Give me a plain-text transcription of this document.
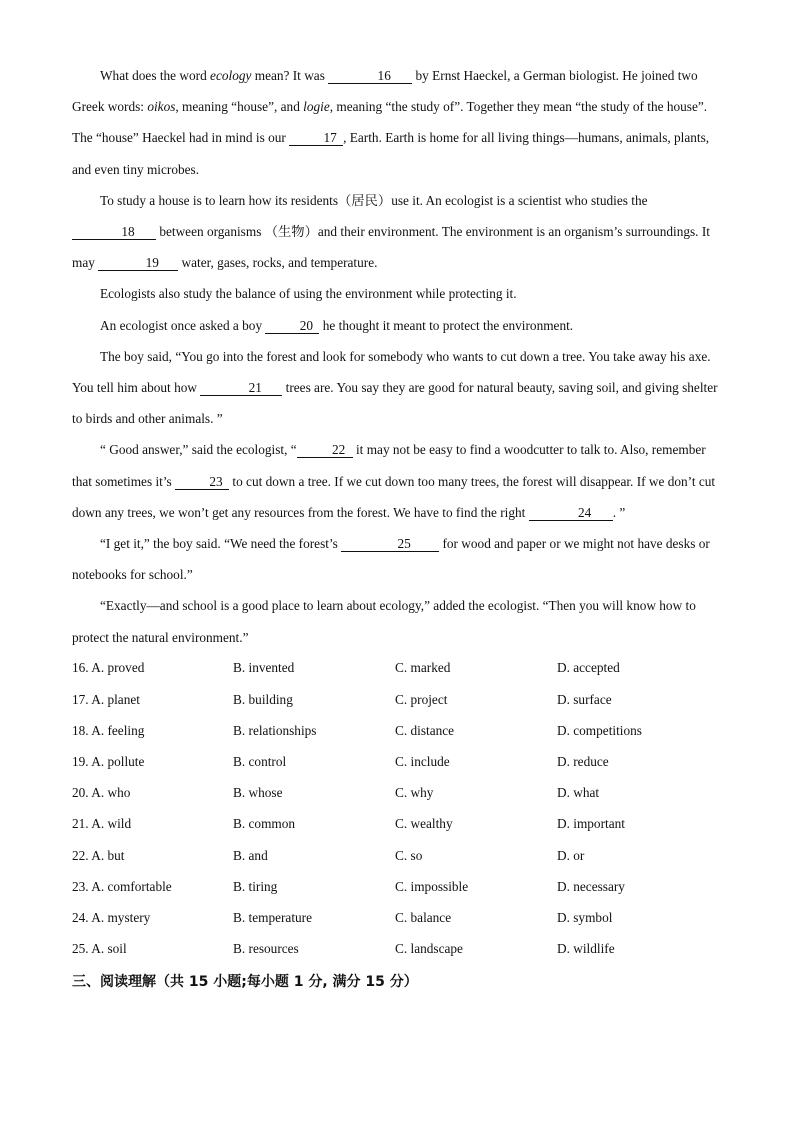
What does the word ecology mean? It was	16 by Ernst Haeckel, a German biologist. He joined two Greek words: oikos, meaning “house”, and logie, meaning “the study of”. Together they mean “the study of the house”. The “house” Haeckel had in mind is our	17 , Earth. Earth is home for all living things—humans, animals, plants, and even tiny microbes.

To study a house is to learn how its residents（居民）use it. An ecologist is a scientist who studies the 18 between organisms （生物）and their environment. The environment is an organism’s surroundings. It may	19 water, gases, rocks, and temperature.

Ecologists also study the balance of using the environment while protecting it.

An ecologist once asked a boy	20 he thought it meant to protect the environment.

The boy said, “You go into the forest and look for somebody who wants to cut down a tree. You take away his axe. You tell him about how	21 trees are. You say they are good for natural beauty, saving soil, and giving shelter to birds and other animals. ”

“ Good answer,” said the ecologist, “	22 it may not be easy to find a woodcutter to talk to. Also, remember that sometimes it’s	23 to cut down a tree. If we cut down too many trees, the forest will disappear. If we don’t cut down any trees, we won’t get any resources from the forest. We have to find the right	24 . ”

“I get it,” the boy said. “We need the forest’s	25 for wood and paper or we might not have desks or notebooks for school.”

“Exactly—and school is a good place to learn about ecology,” added the ecologist. “Then you will know how to protect the natural environment.”

16. A. proved	B. invented	C. marked	D. accepted
17. A. planet	B. building	C. project	D. surface
18. A. feeling	B. relationships	C. distance	D. competitions
19. A. pollute	B. control	C. include	D. reduce
20. A. who	B. whose	C. why	D. what
21. A. wild	B. common	C. wealthy	D. important
22. A. but	B. and	C. so	D. or
23. A. comfortable	B. tiring	C. impossible	D. necessary
24. A. mystery	B. temperature	C. balance	D. symbol
25. A. soil	B. resources	C. landscape	D. wildlife
三、阅读理解（共 15 小题;每小题 1 分, 满分 15 分）
